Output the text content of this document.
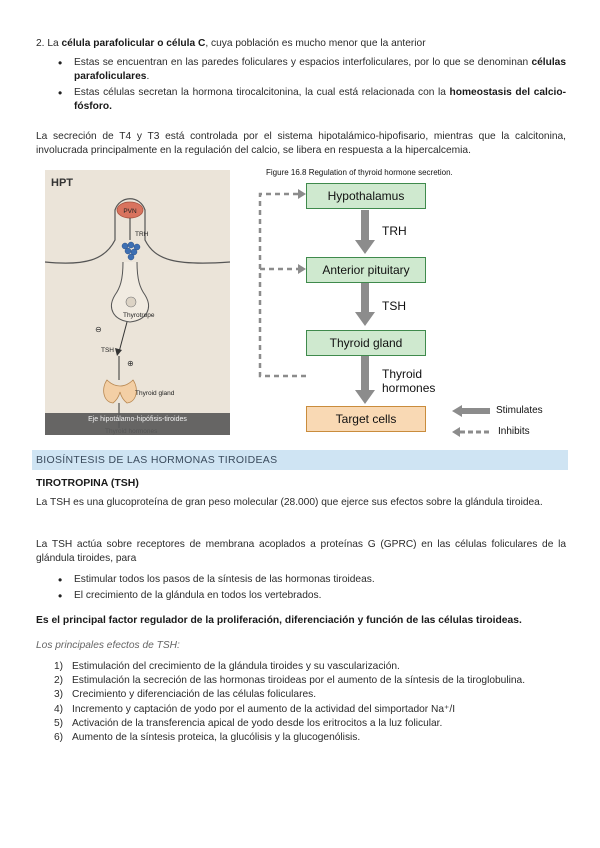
2. La célula parafolicular o célula C, cuya población es mucho menor que la anterior

• Estas se encuentran en las paredes foliculares y espacios interfoliculares, por lo que se denominan células parafoliculares.
• Estas células secretan la hormona tirocalcitonina, la cual está relacionada con la homeostasis del calcio-fósforo.

La secreción de T4 y T3 está controlada por el sistema hipotalámico-hipofisario, mientras que la calcitonina, involucrada principalmente en la regulación del calcio, se libera en respuesta a la hipercalcemia.

HPT
PVN
TRH
Thyrotrope
⊖
TSH
⊕
Thyroid gland
Eje hipotálamo-hipófisis-tiroides
Figure 16.8 Regulation of thyroid hormone secretion.
Hypothalamus
Anterior pituitary
Thyroid gland
Target cells
TRH
TSH
Thyroid hormones
Stimulates
Inhibits
BIOSÍNTESIS DE LAS HORMONAS TIROIDEAS
TIROTROPINA (TSH)

La TSH es una glucoproteína de gran peso molecular (28.000) que ejerce sus efectos sobre la glándula tiroidea.

La TSH actúa sobre receptores de membrana acoplados a proteínas G (GPRC) en las células foliculares de la glándula tiroides, para

• Estimular todos los pasos de la síntesis de las hormonas tiroideas.
• El crecimiento de la glándula en todos los vertebrados.

Es el principal factor regulador de la proliferación, diferenciación y función de las células tiroideas.

Los principales efectos de TSH:

1) Estimulación del crecimiento de la glándula tiroides y su vascularización.
2) Estimulación la secreción de las hormonas tiroideas por el aumento de la síntesis de la tiroglobulina.
3) Crecimiento y diferenciación de las células foliculares.
4) Incremento y captación de yodo por el aumento de la actividad del simportador Na⁺/I
5) Activación de la transferencia apical de yodo desde los eritrocitos a la luz folicular.
6) Aumento de la síntesis proteica, la glucólisis y la glucogenólisis.
